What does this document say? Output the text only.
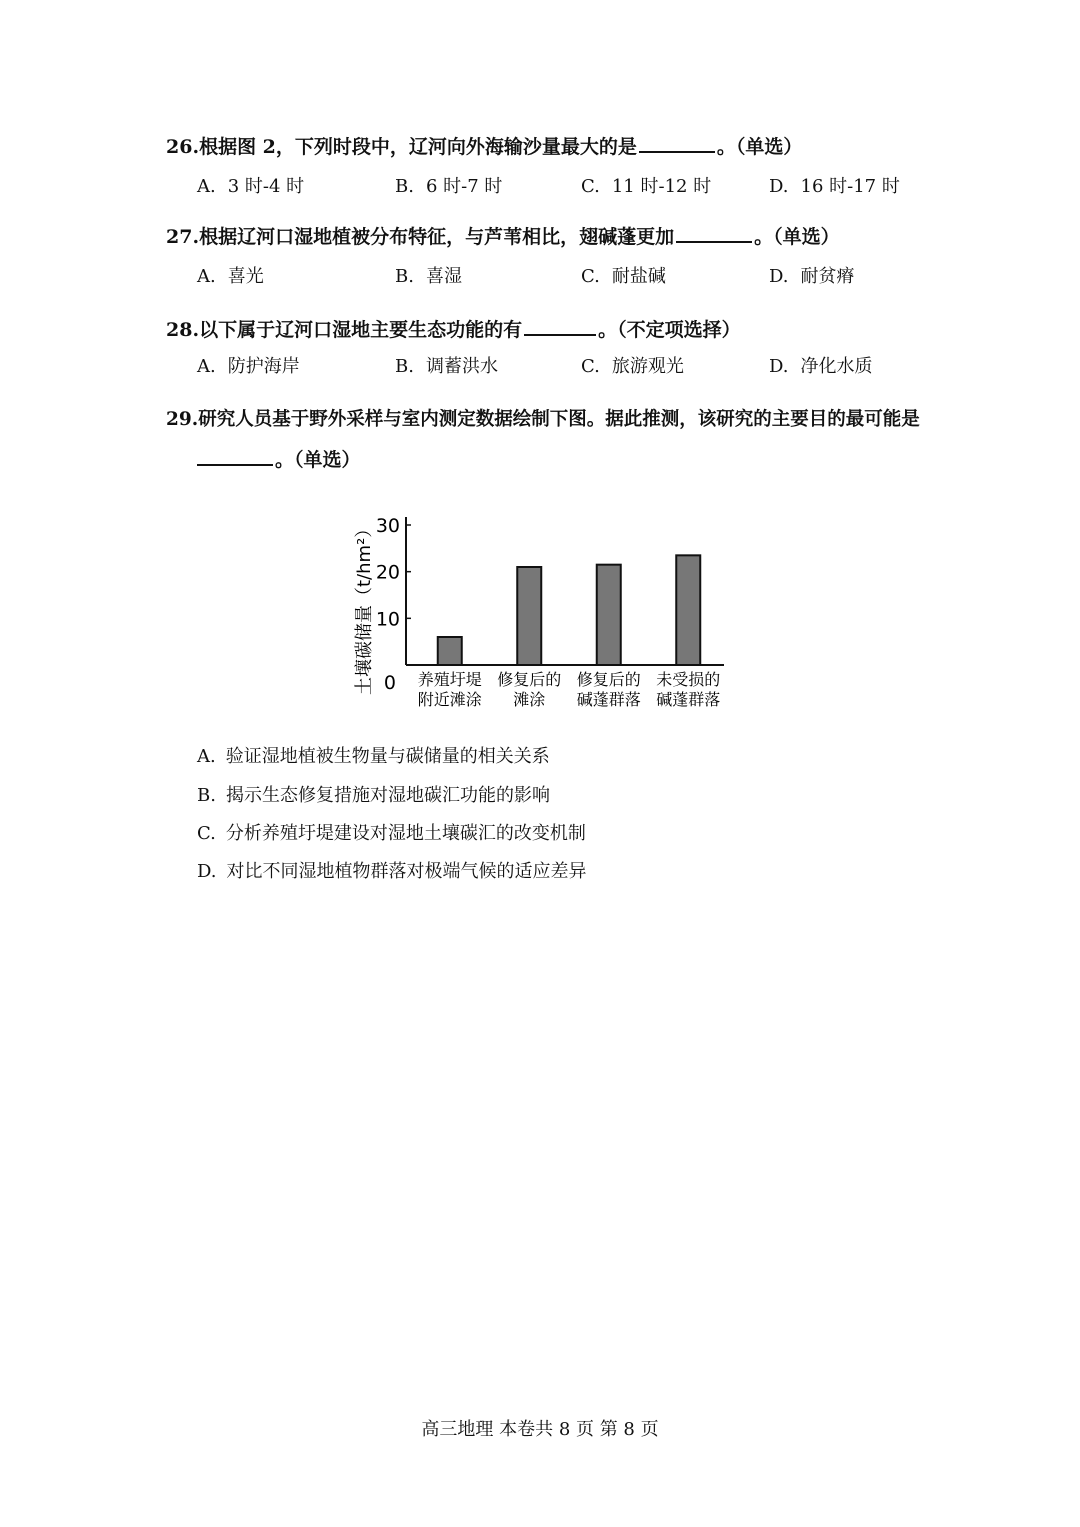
26.根据图 2，下列时段中，辽河向外海输沙量最大的是	。（单选）
A. 3 时-4 时	B. 6 时-7 时	C. 11 时-12 时	D. 16 时-17 时
27.根据辽河口湿地植被分布特征，与芦苇相比，翅碱蓬更加	。（单选）
A. 喜光	B. 喜湿	C. 耐盐碱	D. 耐贫瘠
28.以下属于辽河口湿地主要生态功能的有	。（不定项选择）
A. 防护海岸	B. 调蓄洪水	C. 旅游观光	D. 净化水质
29.研究人员基于野外采样与室内测定数据绘制下图。据此推测，该研究的主要目的最可能是
。（单选）
土壤碳储量（t/hm²） 0
10
20
30
养殖圩堤
附近滩涂
修复后的
滩涂
修复后的
碱蓬群落
未受损的
碱蓬群落
A. 验证湿地植被生物量与碳储量的相关关系
B. 揭示生态修复措施对湿地碳汇功能的影响
C. 分析养殖圩堤建设对湿地土壤碳汇的改变机制
D. 对比不同湿地植物群落对极端气候的适应差异
高三地理 本卷共 8 页 第 8 页
